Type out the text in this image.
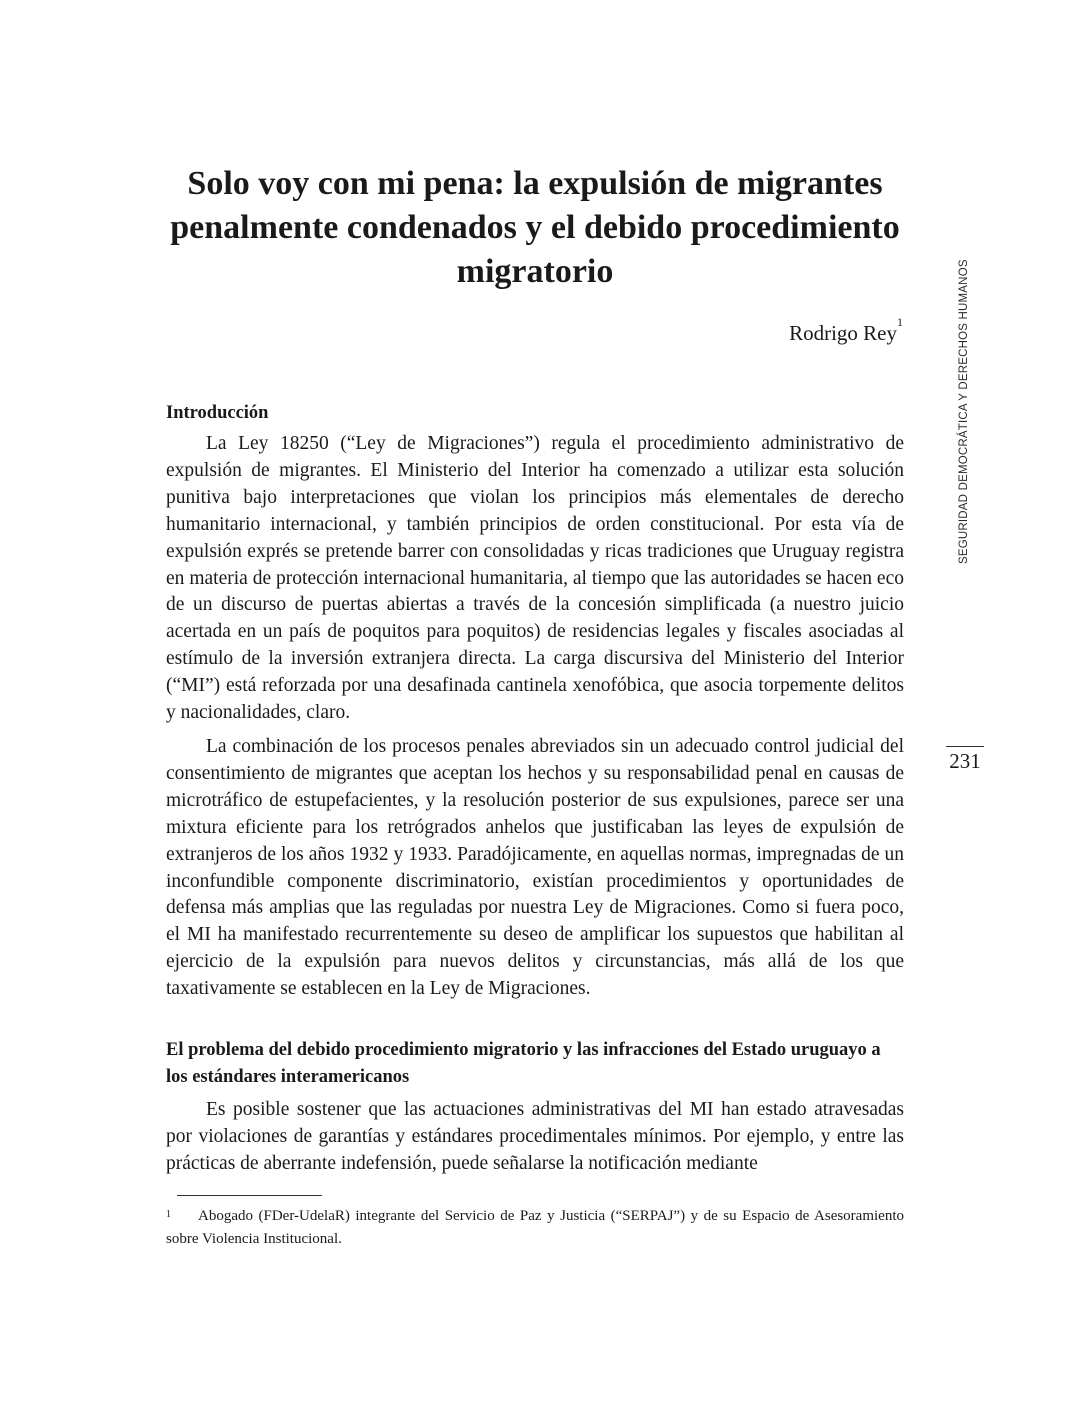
Solo voy con mi pena: la expulsión de migrantes penalmente condenados y el debido procedimiento migratorio
Rodrigo Rey$^1$	SEGURIDAD DEMOCRÁTICA Y DERECHOS HUMANOS
231
Introducción

La Ley 18250 (“Ley de Migraciones”) regula el procedimiento administrativo de expulsión de migrantes. El Ministerio del Interior ha comenzado a utilizar esta solución punitiva bajo interpretaciones que violan los principios más elementales de derecho humanitario internacional, y también principios de orden constitucional. Por esta vía de expulsión exprés se pretende barrer con consolidadas y ricas tradiciones que Uruguay registra en materia de protección internacional humanitaria, al tiempo que las autoridades se hacen eco de un discurso de puertas abiertas a través de la concesión simplificada (a nuestro juicio acertada en un país de poquitos para poquitos) de residencias legales y fiscales asociadas al estímulo de la inversión extranjera directa. La carga discursiva del Ministerio del Interior (“MI”) está reforzada por una desafinada cantinela xenofóbica, que asocia torpemente delitos y nacionalidades, claro.

La combinación de los procesos penales abreviados sin un adecuado control judicial del consentimiento de migrantes que aceptan los hechos y su responsabilidad penal en causas de microtráfico de estupefacientes, y la resolución posterior de sus expulsiones, parece ser una mixtura eficiente para los retrógrados anhelos que justificaban las leyes de expulsión de extranjeros de los años 1932 y 1933. Paradójicamente, en aquellas normas, impregnadas de un inconfundible componente discriminatorio, existían procedimientos y oportunidades de defensa más amplias que las reguladas por nuestra Ley de Migraciones. Como si fuera poco, el MI ha manifestado recurrentemente su deseo de amplificar los supuestos que habilitan al ejercicio de la expulsión para nuevos delitos y circunstancias, más allá de los que taxativamente se establecen en la Ley de Migraciones.

El problema del debido procedimiento migratorio y las infracciones del Estado uruguayo a los estándares interamericanos

Es posible sostener que las actuaciones administrativas del MI han estado atravesadas por violaciones de garantías y estándares procedimentales mínimos. Por ejemplo, y entre las prácticas de aberrante indefensión, puede señalarse la notificación mediante

1 Abogado (FDer-UdelaR) integrante del Servicio de Paz y Justicia (“SERPAJ”) y de su Espacio de Asesoramiento sobre Violencia Institucional.
